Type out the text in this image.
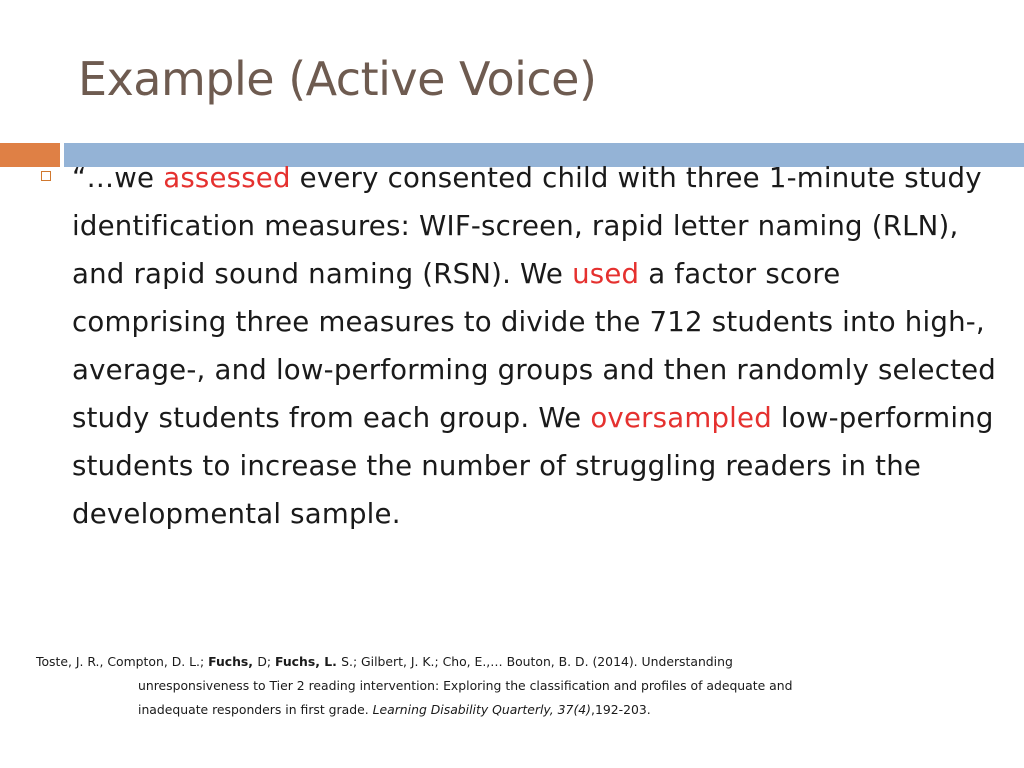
Example (Active Voice)

“…we assessed every consented child with three 1-minute study identification measures: WIF-screen, rapid letter naming (RLN), and rapid sound naming (RSN). We used a factor score comprising three measures to divide the 712 students into high-, average-, and low-performing groups and then randomly selected study students from each group. We oversampled low-performing students to increase the number of struggling readers in the developmental sample.

Toste, J. R., Compton, D. L.; Fuchs, D; Fuchs, L. S.; Gilbert, J. K.; Cho, E.,… Bouton, B. D. (2014). Understanding
unresponsiveness to Tier 2 reading intervention: Exploring the classification and profiles of adequate and
inadequate responders in first grade. Learning Disability Quarterly, 37(4),192-203.
